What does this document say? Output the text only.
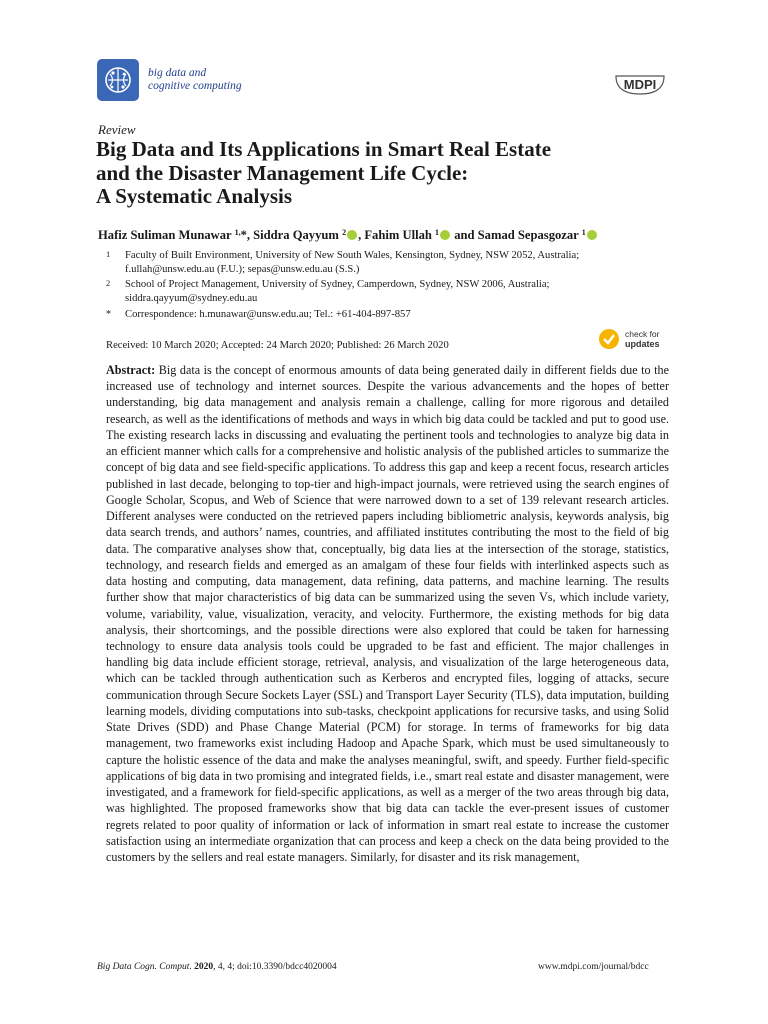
big data and
cognitive computing	MDPI
Review
Big Data and Its Applications in Smart Real Estate
and the Disaster Management Life Cycle:
A Systematic Analysis
Hafiz Suliman Munawar $^{1,}$*, Siddra Qayyum $^2$ , Fahim Ullah $^1$ and Samad Sepasgozar $^1$
1 Faculty of Built Environment, University of New South Wales, Kensington, Sydney, NSW 2052, Australia;
f.ullah@unsw.edu.au (F.U.); sepas@unsw.edu.au (S.S.)
2 School of Project Management, University of Sydney, Camperdown, Sydney, NSW 2006, Australia;
siddra.qayyum@sydney.edu.au
* Correspondence: h.munawar@unsw.edu.au; Tel.: +61-404-897-857
check for
updates
Received: 10 March 2020; Accepted: 24 March 2020; Published: 26 March 2020

Abstract: Big data is the concept of enormous amounts of data being generated daily in different fields due to the increased use of technology and internet sources. Despite the various advancements and the hopes of better understanding, big data management and analysis remain a challenge, calling for more rigorous and detailed research, as well as the identifications of methods and ways in which big data could be tackled and put to good use. The existing research lacks in discussing and evaluating the pertinent tools and technologies to analyze big data in an efficient manner which calls for a comprehensive and holistic analysis of the published articles to summarize the concept of big data and see field-specific applications. To address this gap and keep a recent focus, research articles published in last decade, belonging to top-tier and high-impact journals, were retrieved using the search engines of Google Scholar, Scopus, and Web of Science that were narrowed down to a set of 139 relevant research articles. Different analyses were conducted on the retrieved papers including bibliometric analysis, keywords analysis, big data search trends, and authors’ names, countries, and affiliated institutes contributing the most to the field of big data. The comparative analyses show that, conceptually, big data lies at the intersection of the storage, statistics, technology, and research fields and emerged as an amalgam of these four fields with interlinked aspects such as data hosting and computing, data management, data refining, data patterns, and machine learning. The results further show that major characteristics of big data can be summarized using the seven Vs, which include variety, volume, variability, value, visualization, veracity, and velocity. Furthermore, the existing methods for big data analysis, their shortcomings, and the possible directions were also explored that could be taken for harnessing technology to ensure data analysis tools could be upgraded to be fast and efficient. The major challenges in handling big data include efficient storage, retrieval, analysis, and visualization of the large heterogeneous data, which can be tackled through authentication such as Kerberos and encrypted files, logging of attacks, secure communication through Secure Sockets Layer (SSL) and Transport Layer Security (TLS), data imputation, building learning models, dividing computations into sub-tasks, checkpoint applications for recursive tasks, and using Solid State Drives (SDD) and Phase Change Material (PCM) for storage. In terms of frameworks for big data management, two frameworks exist including Hadoop and Apache Spark, which must be used simultaneously to capture the holistic essence of the data and make the analyses meaningful, swift, and speedy. Further field-specific applications of big data in two promising and integrated fields, i.e., smart real estate and disaster management, were investigated, and a framework for field-specific applications, as well as a merger of the two areas through big data, was highlighted. The proposed frameworks show that big data can tackle the ever-present issues of customer regrets related to poor quality of information or lack of information in smart real estate to increase the customer satisfaction using an intermediate organization that can process and keep a check on the data being provided to the customers by the sellers and real estate managers. Similarly, for disaster and its risk management,

Big Data Cogn. Comput. 2020, 4, 4; doi:10.3390/bdcc4020004	www.mdpi.com/journal/bdcc
